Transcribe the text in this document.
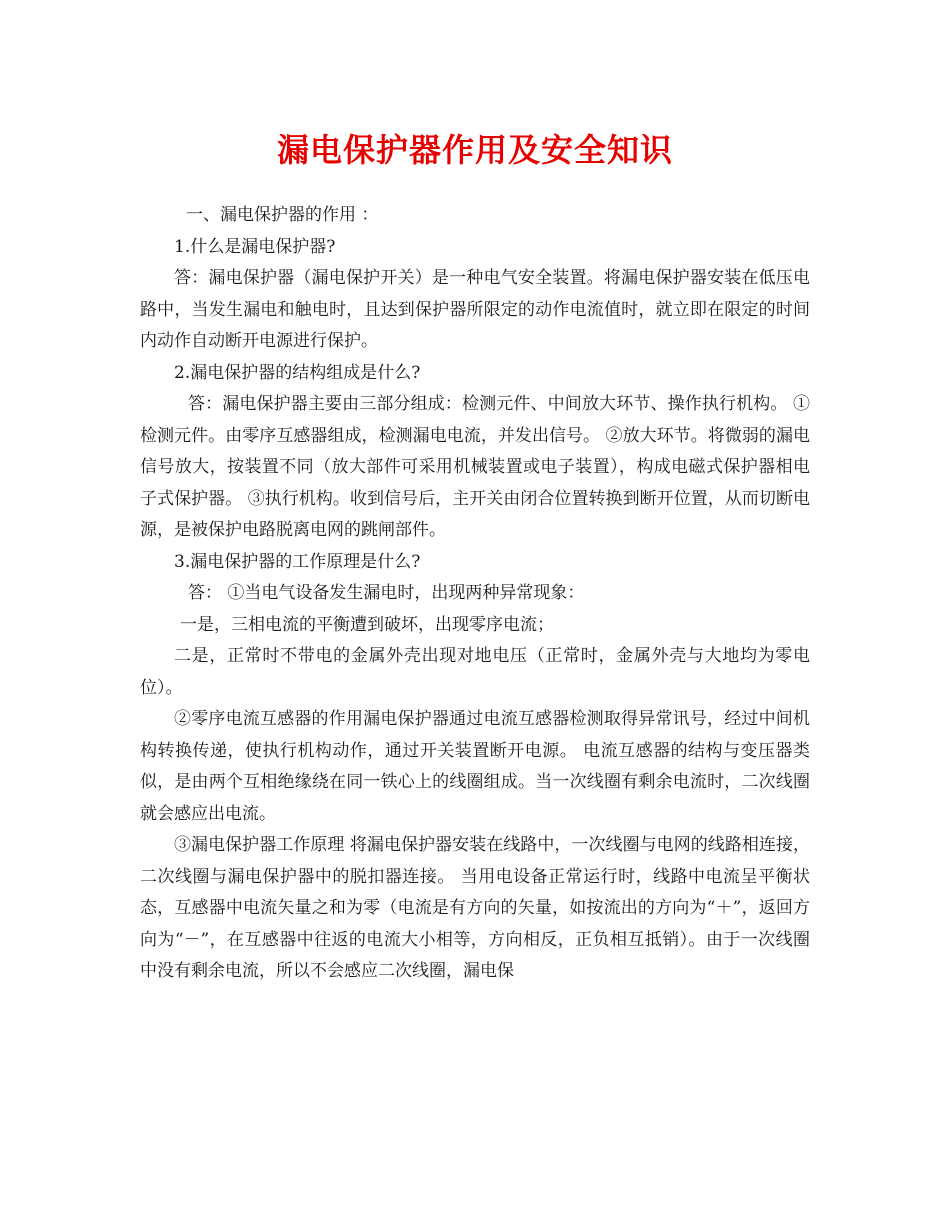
漏电保护器作用及安全知识

一、漏电保护器的作用 ：

1.什么是漏电保护器?

答：漏电保护器（漏电保护开关）是一种电气安全装置。将漏电保护器安装在低压电路中，当发生漏电和触电时，且达到保护器所限定的动作电流值时，就立即在限定的时间内动作自动断开电源进行保护。

2.漏电保护器的结构组成是什么?

答：漏电保护器主要由三部分组成：检测元件、中间放大环节、操作执行机构。 ①检测元件。由零序互感器组成，检测漏电电流，并发出信号。 ②放大环节。将微弱的漏电信号放大，按装置不同（放大部件可采用机械装置或电子装置），构成电磁式保护器相电子式保护器。 ③执行机构。收到信号后，主开关由闭合位置转换到断开位置，从而切断电源，是被保护电路脱离电网的跳闸部件。

3.漏电保护器的工作原理是什么?

答： ①当电气设备发生漏电时，出现两种异常现象：

一是，三相电流的平衡遭到破坏，出现零序电流；

二是，正常时不带电的金属外壳出现对地电压（正常时，金属外壳与大地均为零电位）。

②零序电流互感器的作用漏电保护器通过电流互感器检测取得异常讯号，经过中间机构转换传递，使执行机构动作，通过开关装置断开电源。 电流互感器的结构与变压器类似，是由两个互相绝缘绕在同一铁心上的线圈组成。当一次线圈有剩余电流时，二次线圈就会感应出电流。

③漏电保护器工作原理 将漏电保护器安装在线路中，一次线圈与电网的线路相连接，二次线圈与漏电保护器中的脱扣器连接。 当用电设备正常运行时，线路中电流呈平衡状态，互感器中电流矢量之和为零（电流是有方向的矢量，如按流出的方向为“＋”，返回方向为“－”，在互感器中往返的电流大小相等，方向相反，正负相互抵销）。由于一次线圈中没有剩余电流，所以不会感应二次线圈，漏电保
